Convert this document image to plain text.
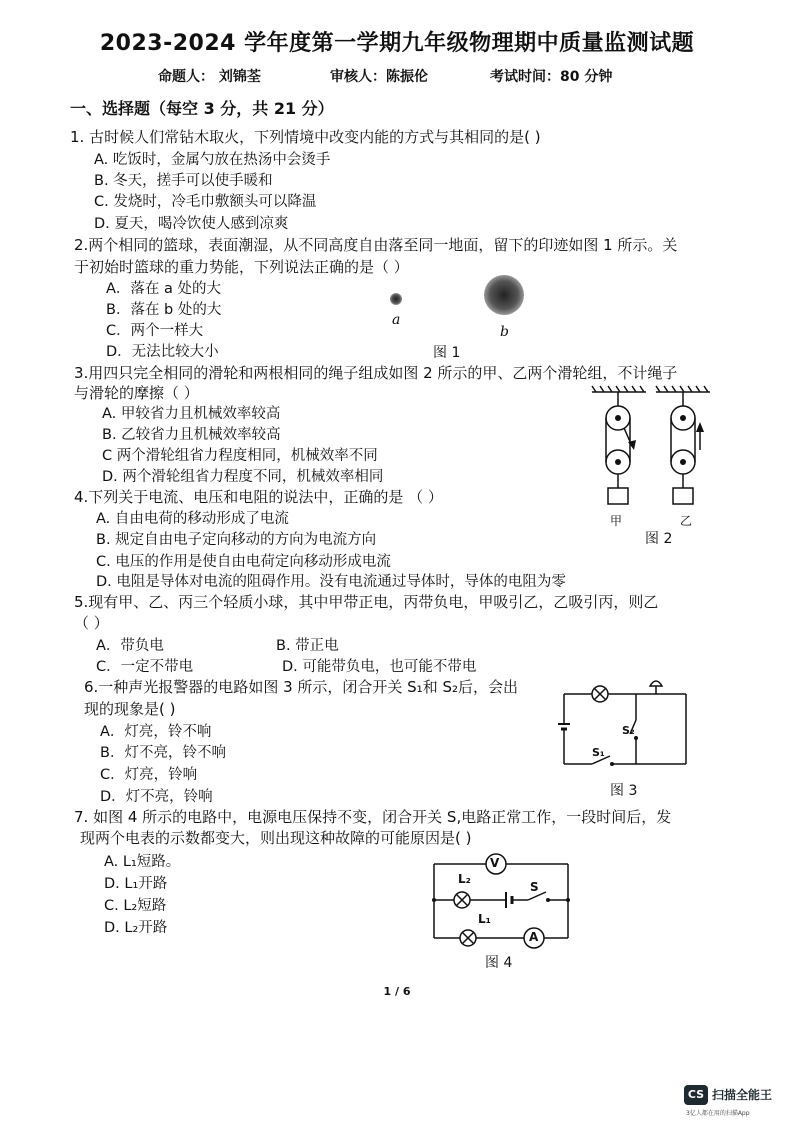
2023-2024 学年度第一学期九年级物理期中质量监测试题
命题人： 刘锦荃	审核人：陈振伦	考试时间：80 分钟
一、选择题（每空 3 分，共 21 分）
1. 古时候人们常钻木取火，下列情境中改变内能的方式与其相同的是( )
A. 吃饭时，金属勺放在热汤中会烫手
B. 冬天，搓手可以使手暖和
C. 发烧时，冷毛巾敷额头可以降温
D. 夏天，喝冷饮使人感到凉爽
2.两个相同的篮球，表面潮湿，从不同高度自由落至同一地面，留下的印迹如图 1 所示。关
于初始时篮球的重力势能，下列说法正确的是（ ）
A．落在 a 处的大
B．落在 b 处的大
C．两个一样大
D．无法比较大小
a
b
图 1
3.用四只完全相同的滑轮和两根相同的绳子组成如图 2 所示的甲、乙两个滑轮组，不计绳子
与滑轮的摩擦（ ）
A. 甲较省力且机械效率较高
B. 乙较省力且机械效率较高
C 两个滑轮组省力程度相同，机械效率不同
D. 两个滑轮组省力程度不同，机械效率相同
甲	乙
图 2
4.下列关于电流、电压和电阻的说法中，正确的是 （ ）
A. 自由电荷的移动形成了电流
B. 规定自由电子定向移动的方向为电流方向
C. 电压的作用是使自由电荷定向移动形成电流
D. 电阻是导体对电流的阻碍作用。没有电流通过导体时，导体的电阻为零
5.现有甲、乙、丙三个轻质小球，其中甲带正电，丙带负电，甲吸引乙，乙吸引丙，则乙
（ ）
A．带负电	B. 带正电
C．一定不带电	D. 可能带负电，也可能不带电
6.一种声光报警器的电路如图 3 所示，闭合开关 S₁和 S₂后，会出
现的现象是( )
A．灯亮，铃不响
B．灯不亮，铃不响
C．灯亮，铃响
D．灯不亮，铃响
S₁
S₂
图 3
7. 如图 4 所示的电路中，电源电压保持不变，闭合开关 S,电路正常工作，一段时间后，发
现两个电表的示数都变大，则出现这种故障的可能原因是( )
A. L₁短路。
D. L₁开路
C. L₂短路
D. L₂开路
V
A
L₂
L₁
S
图 4
1 / 6
CS 扫描全能王
3亿人都在用的扫描App
